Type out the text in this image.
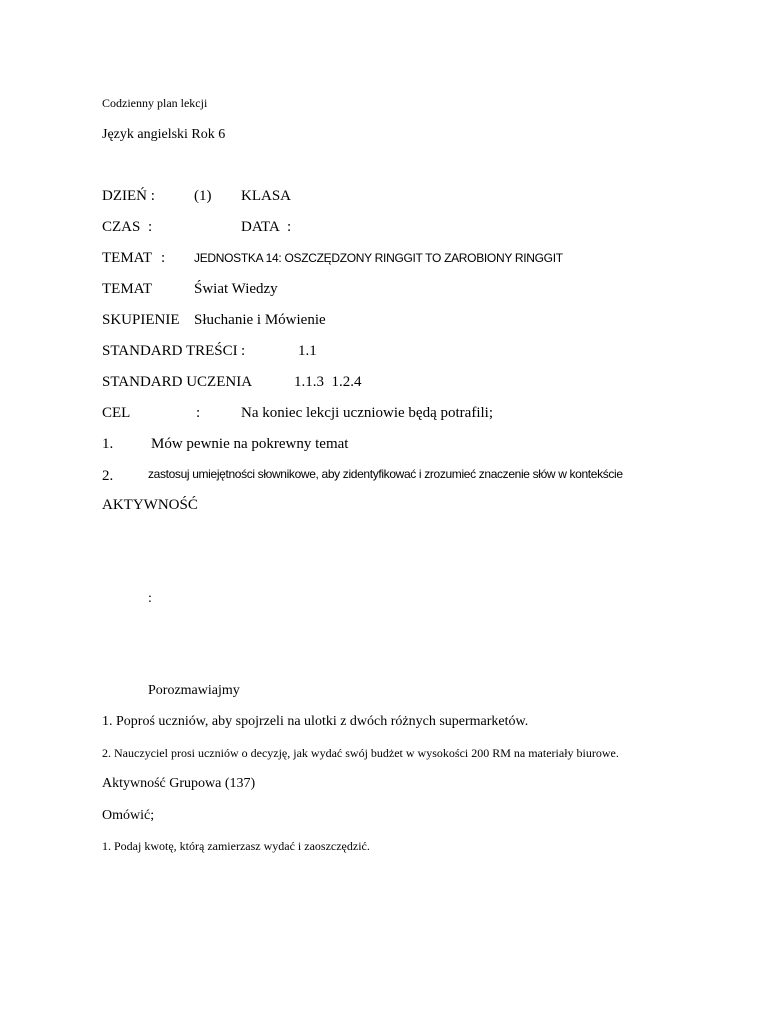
Codzienny plan lekcji
Język angielski Rok 6
DZIEŃ :	(1) KLASA
CZAS :	DATA :
TEMAT : JEDNOSTKA 14: OSZCZĘDZONY RINGGIT TO ZAROBIONY RINGGIT
TEMAT	Świat Wiedzy
SKUPIENIE Słuchanie i Mówienie
STANDARD TREŚCI :	1.1
STANDARD UCZENIA	1.1.3  1.2.4
CEL	:	Na koniec lekcji uczniowie będą potrafili;
1.	Mów pewnie na pokrewny temat
2.	zastosuj umiejętności słownikowe, aby zidentyfikować i zrozumieć znaczenie słów w kontekście
AKTYWNOŚĆ
:
Porozmawiajmy
1. Poproś uczniów, aby spojrzeli na ulotki z dwóch różnych supermarketów.
2. Nauczyciel prosi uczniów o decyzję, jak wydać swój budżet w wysokości 200 RM na materiały biurowe.
Aktywność Grupowa (137)
Omówić;
1. Podaj kwotę, którą zamierzasz wydać i zaoszczędzić.
